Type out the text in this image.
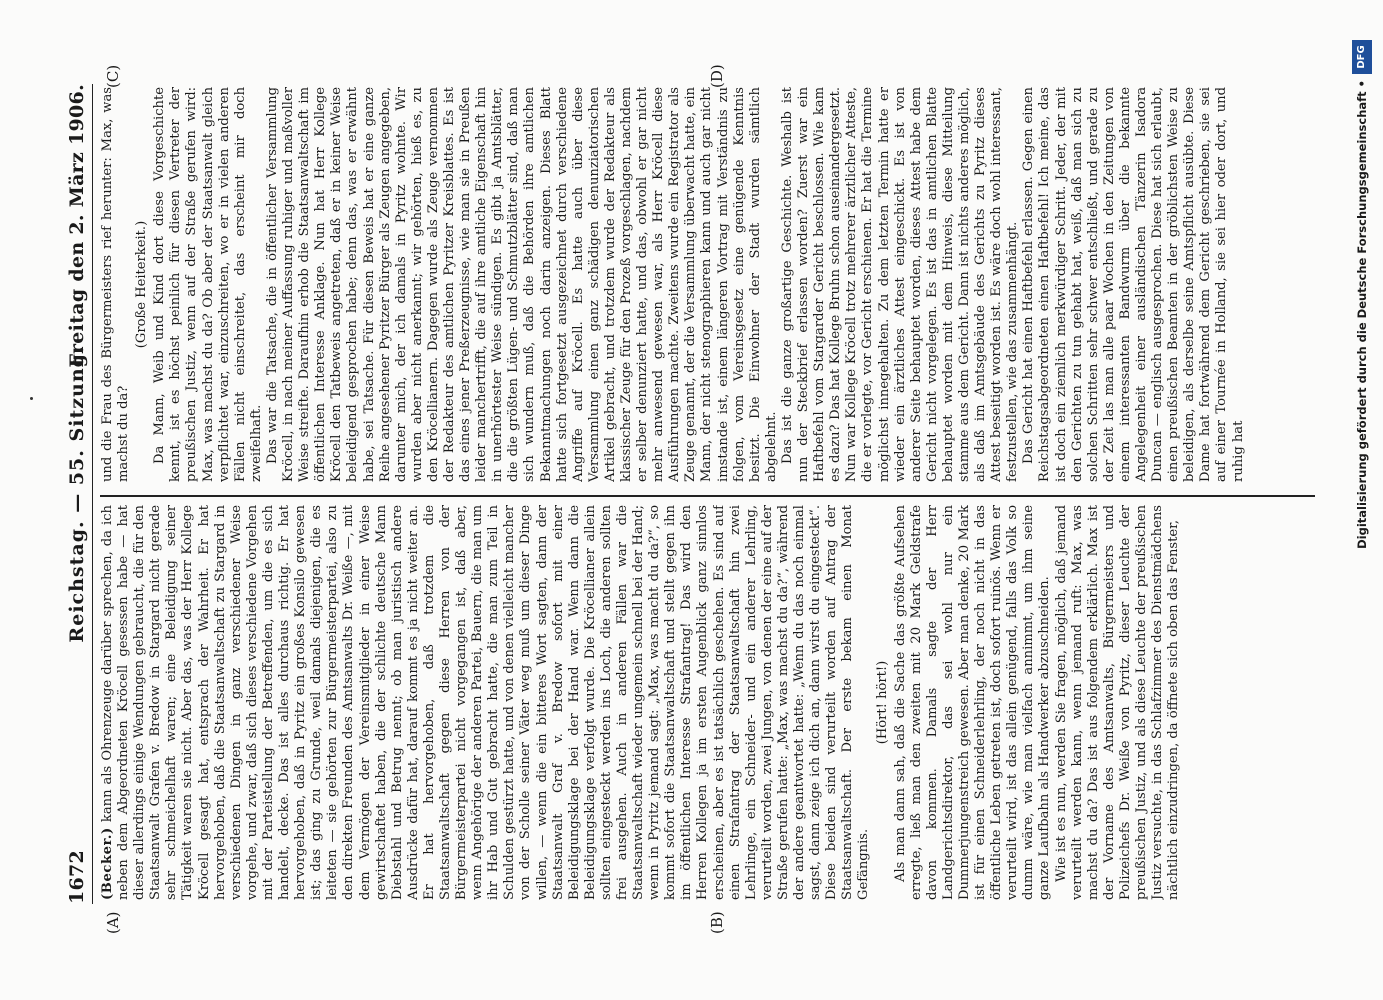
1672
Reichstag. — 55. Sitzung.
Freitag den 2. März 1906.
(A)	(B)
(C)	(D)

(Becker.) kann als Ohrenzeuge darüber sprechen, da ich neben dem Abgeordneten Kröcell gesessen habe — hat dieser allerdings einige Wendungen gebraucht, die für den Staatsanwalt Grafen v. Bredow in Stargard nicht gerade sehr schmeichelhaft waren; eine Beleidigung seiner Tätigkeit waren sie nicht. Aber das, was der Herr Kollege Kröcell gesagt hat, entsprach der Wahrheit. Er hat hervorgehoben, daß die Staatsanwaltschaft zu Stargard in verschiedenen Dingen in ganz verschiedener Weise vorgehe, und zwar, daß sich dieses verschiedene Vorgehen mit der Parteistellung der Betreffenden, um die es sich handelt, decke. Das ist alles durchaus richtig. Er hat hervorgehoben, daß in Pyritz ein großes Konsilo gewesen ist; das ging zu Grunde, weil damals diejenigen, die es leiteten — sie gehörten zur Bürgermeisterpartei, also zu den direkten Freunden des Amtsanwalts Dr. Weiße —, mit dem Vermögen der Vereinsmitglieder in einer Weise gewirtschaftet haben, die der schlichte deutsche Mann Diebstahl und Betrug nennt; ob man juristisch andere Ausdrücke dafür hat, darauf kommt es ja nicht weiter an. Er hat hervorgehoben, daß trotzdem die Staatsanwaltschaft gegen diese Herren von der Bürgermeisterpartei nicht vorgegangen ist, daß aber, wenn Angehörige der anderen Partei, Bauern, die man um ihr Hab und Gut gebracht hatte, die man zum Teil in Schulden gestürzt hatte, und von denen vielleicht mancher von der Scholle seiner Väter weg muß um dieser Dinge willen, — wenn die ein bitteres Wort sagten, dann der Staatsanwalt Graf v. Bredow sofort mit einer Beleidigungsklage bei der Hand war. Wenn dann die Beleidigungsklage verfolgt wurde. Die Kröcellianer allein sollten eingesteckt werden ins Loch, die anderen sollten frei ausgehen. Auch in anderen Fällen war die Staatsanwaltschaft wieder ungemein schnell bei der Hand; wenn in Pyritz jemand sagt: „Max, was macht du da?“, so kommt sofort die Staatsanwaltschaft und stellt gegen ihn im öffentlichen Interesse Strafantrag! Das wird den Herren Kollegen ja im ersten Augenblick ganz sinnlos erscheinen, aber es ist tatsächlich geschehen. Es sind auf einen Strafantrag der Staatsanwaltschaft hin zwei Lehrlinge, ein Schneider- und ein anderer Lehrling, verurteilt worden, zwei Jungen, von denen der eine auf der Straße gerufen hatte: „Max, was machst du da?“, während der andere geantwortet hatte: „Wenn du das noch einmal sagst, dann zeige ich dich an, dann wirst du eingesteckt“. Diese beiden sind verurteilt worden auf Antrag der Staatsanwaltschaft. Der erste bekam einen Monat Gefängnis.

(Hört! hört!) Als man dann sah, daß die Sache das größte Aufsehen erregte, ließ man den zweiten mit 20 Mark Geldstrafe davon kommen. Damals sagte der Herr Landgerichtsdirektor, das sei wohl nur ein Dummerjungenstreich gewesen. Aber man denke, 20 Mark ist für einen Schneiderlehrling, der noch nicht in das öffentliche Leben getreten ist, doch sofort ruinös. Wenn er verurteilt wird, ist das allein genügend, falls das Volk so dumm wäre, wie man vielfach annimmt, um ihm seine ganze Laufbahn als Handwerker abzuschneiden. Wie ist es nun, werden Sie fragen, möglich, daß jemand verurteilt werden kann, wenn jemand ruft: Max, was machst du da? Das ist aus folgendem erklärlich. Max ist der Vorname des Amtsanwalts, Bürgermeisters und Polizeichefs Dr. Weiße von Pyritz, dieser Leuchte der preußischen Justiz, und als diese Leuchte der preußischen Justiz versuchte, in das Schlafzimmer des Dienstmädchens nächtlich einzudringen, da öffnete sich oben das Fenster,

und die Frau des Bürgermeisters rief herunter: Max, was machst du da?

(Große Heiterkeit.) Da Mann, Weib und Kind dort diese Vorgeschichte kennt, ist es höchst peinlich für diesen Vertreter der preußischen Justiz, wenn auf der Straße gerufen wird: Max, was machst du da? Ob aber der Staatsanwalt gleich verpflichtet war, einzuschreiten, wo er in vielen anderen Fällen nicht einschreitet, das erscheint mir doch zweifelhaft. Das war die Tatsache, die in öffentlicher Versammlung Kröcell, in nach meiner Auffassung ruhiger und maßvoller Weise streifte. Daraufhin erhob die Staatsanwaltschaft im öffentlichen Interesse Anklage. Nun hat Herr Kollege Kröcell den Tatbeweis angetreten, daß er in keiner Weise beleidigend gesprochen habe; denn das, was er erwähnt habe, sei Tatsache. Für diesen Beweis hat er eine ganze Reihe angesehener Pyritzer Bürger als Zeugen angegeben, darunter mich, der ich damals in Pyritz wohnte. Wir wurden aber nicht anerkannt; wir gehörten, hieß es, zu den Kröcellianern. Dagegen wurde als Zeuge vernommen der Redakteur des amtlichen Pyritzer Kreisblattes. Es ist das eines jener Preßerzeugnisse, wie man sie in Preußen leider manchertrifft, die auf ihre amtliche Eigenschaft hin in unerhörtester Weise sündigen. Es gibt ja Amtsblätter, die die größten Lügen- und Schmutzblätter sind, daß man sich wundern muß, daß die Behörden ihre amtlichen Bekanntmachungen noch darin anzeigen. Dieses Blatt hatte sich fortgesetzt ausgezeichnet durch verschiedene Angriffe auf Kröcell. Es hatte auch über diese Versammlung einen ganz schädigen denunziatorischen Artikel gebracht, und trotzdem wurde der Redakteur als klassischer Zeuge für den Prozeß vorgeschlagen, nachdem er selber denunziert hatte, und das, obwohl er gar nicht mehr anwesend gewesen war, als Herr Kröcell diese Ausführungen machte. Zweitens wurde ein Registrator als Zeuge genannt, der die Versammlung überwacht hatte, ein Mann, der nicht stenographieren kann und auch gar nicht imstande ist, einem längeren Vortrag mit Verständnis zu folgen, vom Vereinsgesetz eine genügende Kenntnis besitzt. Die Einwohner der Stadt wurden sämtlich abgelehnt. Das ist die ganze großartige Geschichte. Weshalb ist nun der Steckbrief erlassen worden? Zuerst war ein Haftbefehl vom Stargarder Gericht beschlossen. Wie kam es dazu? Das hat Kollege Bruhn schon auseinandergesetzt. Nun war Kollege Kröcell trotz mehrerer ärztlicher Atteste, die er vorlegte, vor Gericht erschienen. Er hat die Termine möglichst innegehalten. Zu dem letzten Termin hatte er wieder ein ärztliches Attest eingeschickt. Es ist von anderer Seite behauptet worden, dieses Attest habe dem Gericht nicht vorgelegen. Es ist das in amtlichen Blatte behauptet worden mit dem Hinweis, diese Mitteilung stamme aus dem Gericht. Dann ist nichts anderes möglich, als daß im Amtsgebäude des Gerichts zu Pyritz dieses Attest beseitigt worden ist. Es wäre doch wohl interessant, festzustellen, wie das zusammenhängt. Das Gericht hat einen Haftbefehl erlassen. Gegen einen Reichstagsabgeordneten einen Haftbefehl! Ich meine, das ist doch ein ziemlich merkwürdiger Schritt. Jeder, der mit den Gerichten zu tun gehabt hat, weiß, daß man sich zu solchen Schritten sehr schwer entschließt, und gerade zu der Zeit las man alle paar Wochen in den Zeitungen von einem interessanten Bandwurm über die bekannte Angelegenheit einer ausländischen Tänzerin Isadora Duncan — englisch ausgesprochen. Diese hat sich erlaubt, einen preußischen Beamten in der gröblichsten Weise zu beleidigen, als derselbe seine Amtspflicht ausübte. Diese Dame hat fortwährend dem Gericht geschrieben, sie sei auf einer Tournée in Holland, sie sei hier oder dort, und ruhig hat	Digitalisierung gefördert durch die Deutsche Forschungsgemeinschaft •
DFG
